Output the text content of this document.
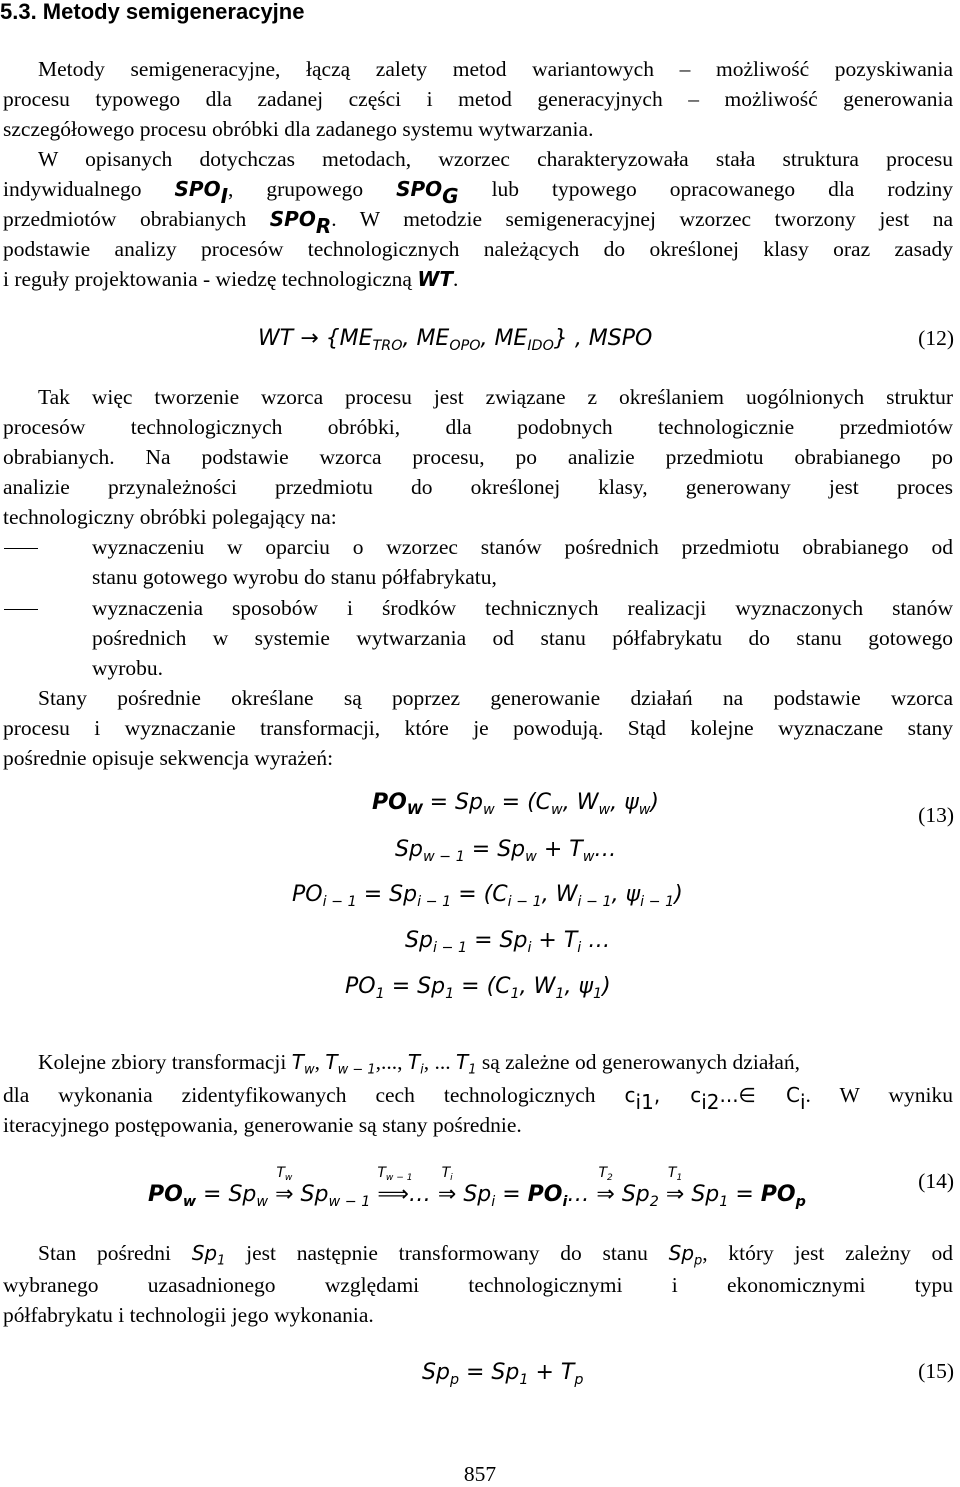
5.3. Metody semigeneracyjne
Metody semigeneracyjne, łączą zalety metod wariantowych – możliwość pozyskiwania
procesu typowego dla zadanej części i metod generacyjnych – możliwość generowania
szczegółowego procesu obróbki dla zadanego systemu wytwarzania.
W opisanych dotychczas metodach, wzorzec charakteryzowała stała struktura procesu
indywidualnego $SPO_I$, grupowego $SPO_G$ lub typowego opracowanego dla rodziny
przedmiotów obrabianych $SPO_R$. W metodzie semigeneracyjnej wzorzec tworzony jest na
podstawie analizy procesów technologicznych należących do określonej klasy oraz zasady
i reguły projektowania - wiedzę technologiczną WT.
WT → {$ME_{TRO}$, $ME_{OPO}$, $ME_{IDO}$} , MSPO	(12)
Tak więc tworzenie wzorca procesu jest związane z określaniem uogólnionych struktur
procesów technologicznych obróbki, dla podobnych technologicznie przedmiotów
obrabianych. Na podstawie wzorca procesu, po analizie przedmiotu obrabianego po
analizie przynależności przedmiotu do określonej klasy, generowany jest proces
technologiczny obróbki polegający na:
wyznaczeniu w oparciu o wzorzec stanów pośrednich przedmiotu obrabianego od
stanu gotowego wyrobu do stanu półfabrykatu,
wyznaczenia sposobów i środków technicznych realizacji wyznaczonych stanów
pośrednich w systemie wytwarzania od stanu półfabrykatu do stanu gotowego
wyrobu.
Stany pośrednie określane są poprzez generowanie działań na podstawie wzorca
procesu i wyznaczanie transformacji, które je powodują. Stąd kolejne wyznaczane stany
pośrednie opisuje sekwencja wyrażeń:
$PO_W = Sp_w = (C_w$, $W_w$, $\psi_w$)	(13)
$Sp_{w - 1} = Sp_w$ + $T_w\dots$
$PO_{i - 1} = Sp_{i - 1} = (C_{i - 1}$, $W_{i - 1}$, $\psi_{i - 1}$)
$Sp_{i - 1} = Sp_i + T_i$ …
$PO_1 = Sp_1 = (C_1$, $W_1$, $\psi_1$)
Kolejne zbiory transformacji $T_w$, $T_{w - 1}$,..., $T_i$, ... $T_1$ są zależne od generowanych działań,
dla wykonania zidentyfikowanych cech technologicznych $c_{i1}$, $c_{i2}...\in$ $C_i$. W wyniku
iteracyjnego postępowania, generowanie są stany pośrednie.
$PO_w = Sp_w$
$T_w$
⇒ $Sp_{w - 1}$
$T_{w - 1}$
⟹…
$T_i$
⇒ $Sp_i$ = $PO_i\dots$
$T_2$
⇒ $Sp_2$
$T_1$
⇒ $Sp_1 = PO_p$
(14)
Stan pośredni $Sp_1$ jest następnie transformowany do stanu $Sp_p$, który jest zależny od
wybranego uzasadnionego względami technologicznymi i ekonomicznymi typu
półfabrykatu i technologii jego wykonania.
$Sp_p = Sp_1 + T_p$	(15)
857
